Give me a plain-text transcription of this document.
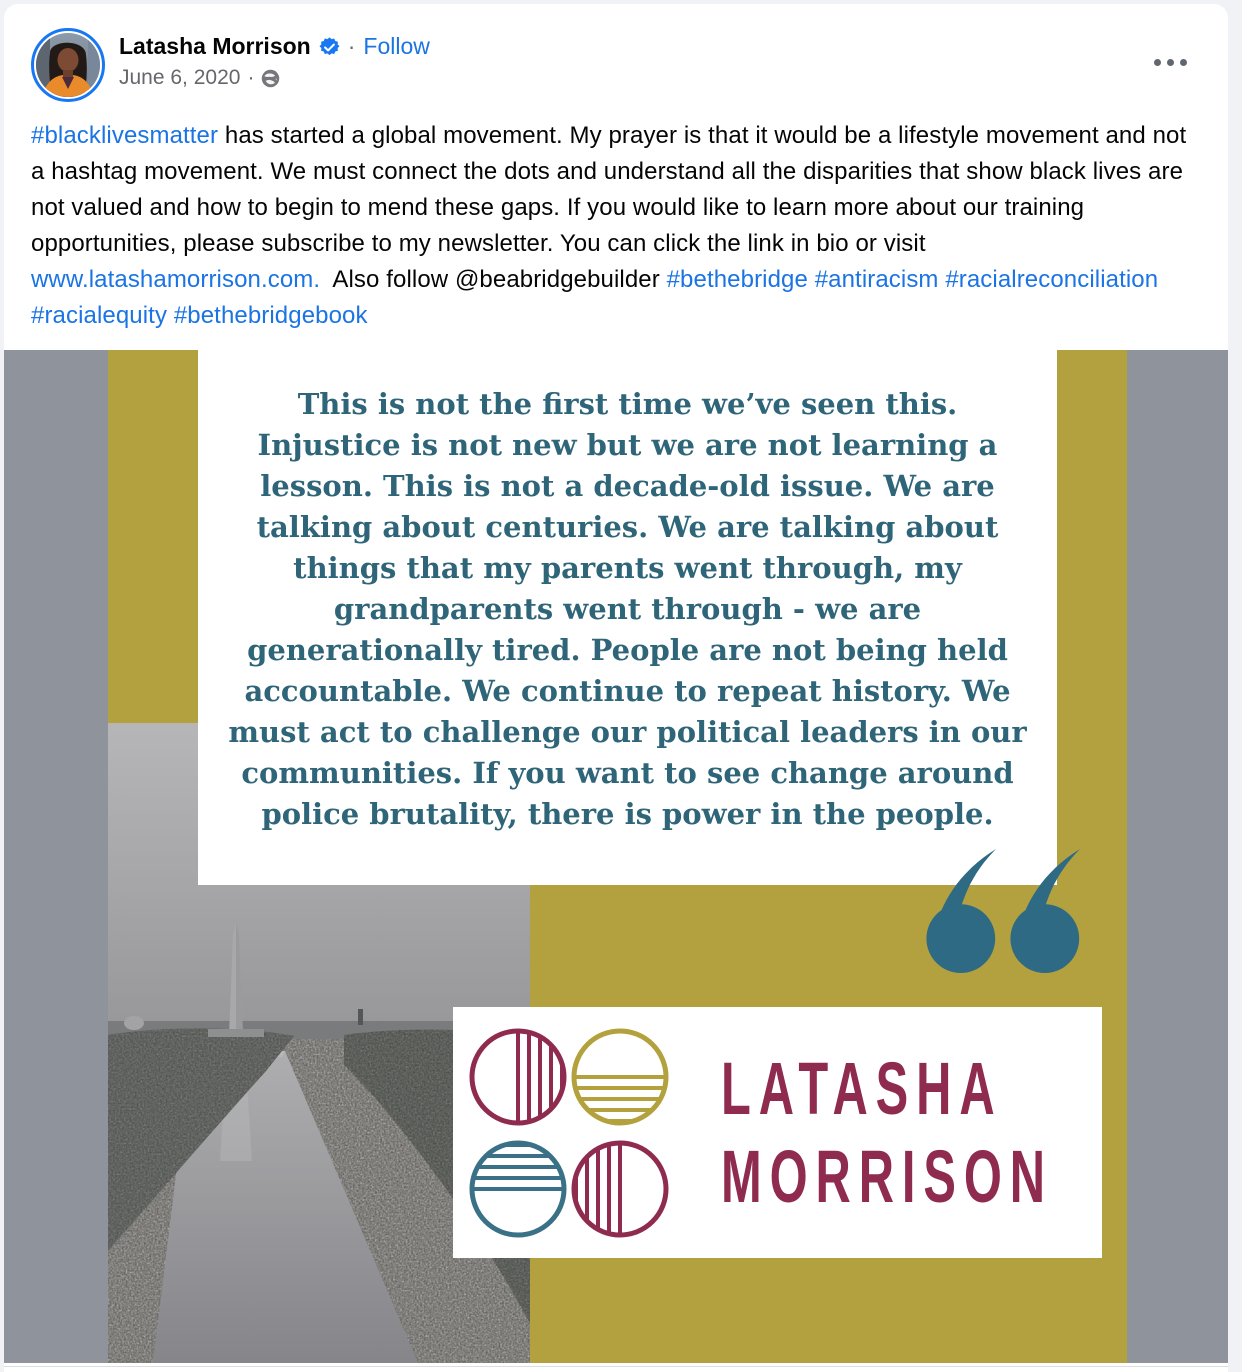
Latasha Morrison · Follow
June 6, 2020 ·

#blacklivesmatter has started a global movement. My prayer is that it would be a lifestyle movement and not a hashtag movement. We must connect the dots and understand all the disparities that show black lives are not valued and how to begin to mend these gaps. If you would like to learn more about our training opportunities, please subscribe to my newsletter. You can click the link in bio or visit www.latashamorrison.com.  Also follow @beabridgebuilder #bethebridge #antiracism #racialreconciliation #racialequity #bethebridgebook

This is not the first time we’ve seen this.
Injustice is not new but we are not learning a
lesson. This is not a decade-old issue. We are
talking about centuries. We are talking about
things that my parents went through, my
grandparents went through - we are
generationally tired. People are not being held
accountable. We continue to repeat history. We
must act to challenge our political leaders in our
communities. If you want to see change around
police brutality, there is power in the people.
LATASHA
MORRISON
